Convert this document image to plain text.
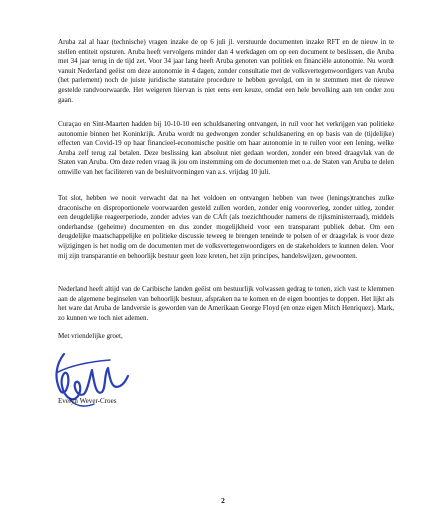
Aruba zal al haar (technische) vragen inzake de op 6 juli jl. verstuurde documenten inzake RFT en de nieuw in te stellen entiteit opsturen. Aruba heeft vervolgens minder dan 4 werkdagen om op een document te beslissen, die Aruba met 34 jaar terug in de tijd zet. Voor 34 jaar lang heeft Aruba genoten van politiek en financiële autonomie. Nu wordt vanuit Nederland geëist om deze autonomie in 4 dagen, zonder consultatie met de volksvertegenwoordigers van Aruba (het parlement) noch de juiste juridische statutaire procedure te hebben gevolgd, om in te stemmen met de nieuwe gestelde randvoorwaarde. Het weigeren hiervan is niet eens een keuze, omdat een hele bevolking aan ten onder zou gaan.

Curaçao en Sint-Maarten hadden bij 10-10-10 een schuldsanering ontvangen, in ruil voor het verkrijgen van politieke autonomie binnen het Koninkrijk. Aruba wordt nu gedwongen zonder schuldsanering en op basis van de (tijdelijke) effecten van Covid-19 op haar financieel-economische positie om haar autonomie in te ruilen voor een lening, welke Aruba zelf terug zal betalen. Deze beslissing kan absoluut niet gedaan worden, zonder een breed draagvlak van de Staten van Aruba. Om deze reden vraag ik jou om instemming om de documenten met o.a. de Staten van Aruba te delen omwille van het faciliteren van de besluitvormingen van a.s. vrijdag 10 juli.

Tot slot, hebben we nooit verwacht dat na het voldoen en ontvangen hebben van twee (lenings)tranches zulke draconische en disproportionele voorwaarden gesteld zullen worden, zonder enig vooroverleg, zonder uitleg, zonder een deugdelijke reageerperiode, zonder advies van de CAft (als toezichthouder namens de rijksministerraad), middels onderhandse (geheime) documenten en dus zonder mogelijkheid voor een transparant publiek debat. Om een deugdelijke maatschappelijke en politieke discussie teweeg te brengen teneinde te polsen of er draagvlak is voor deze wijzigingen is het nodig om de documenten met de volksvertegenwoordigers en de stakeholders te kunnen delen. Voor mij zijn transparantie en behoorlijk bestuur geen loze kreten, het zijn principes, handelswijzen, gewoonten.

Nederland heeft altijd van de Caribische landen geëist om bestuurlijk volwassen gedrag te tonen, zich vast te klemmen aan de algemene beginselen van behoorlijk bestuur, afspraken na te komen en de eigen boontjes te doppen. Het lijkt als het ware dat Aruba de landversie is geworden van de Amerikaan George Floyd (en onze eigen Mitch Henriquez). Mark, zo kunnen we toch niet ademen.

Met vriendelijke groet,

Evelyn Wever-Croes

2
